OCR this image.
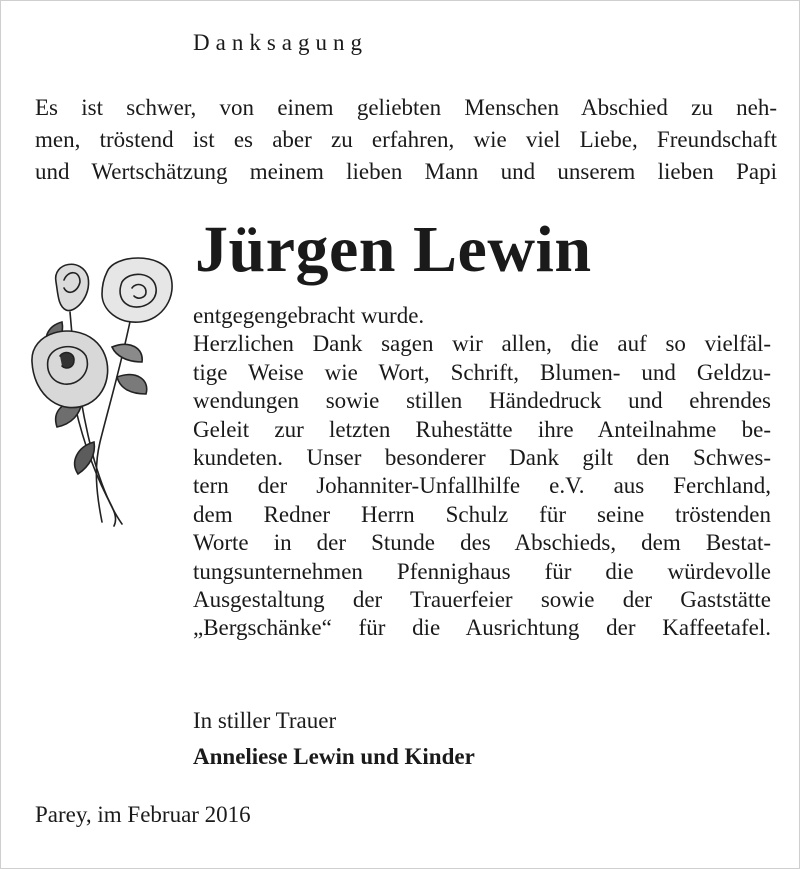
Danksagung
Es ist schwer, von einem geliebten Menschen Abschied zu neh-
men, tröstend ist es aber zu erfahren, wie viel Liebe, Freundschaft
und Wertschätzung meinem lieben Mann und unserem lieben Papi
Jürgen Lewin
entgegengebracht wurde.
Herzlichen Dank sagen wir allen, die auf so vielfäl-
tige Weise wie Wort, Schrift, Blumen- und Geldzu-
wendungen sowie stillen Händedruck und ehrendes
Geleit zur letzten Ruhestätte ihre Anteilnahme be-
kundeten. Unser besonderer Dank gilt den Schwes-
tern der Johanniter-Unfallhilfe e.V. aus Ferchland,
dem Redner Herrn Schulz für seine tröstenden
Worte in der Stunde des Abschieds, dem Bestat-
tungsunternehmen Pfennighaus für die würdevolle
Ausgestaltung der Trauerfeier sowie der Gaststätte
„Bergschänke“ für die Ausrichtung der Kaffeetafel.
In stiller Trauer
Anneliese Lewin und Kinder
Parey, im Februar 2016
